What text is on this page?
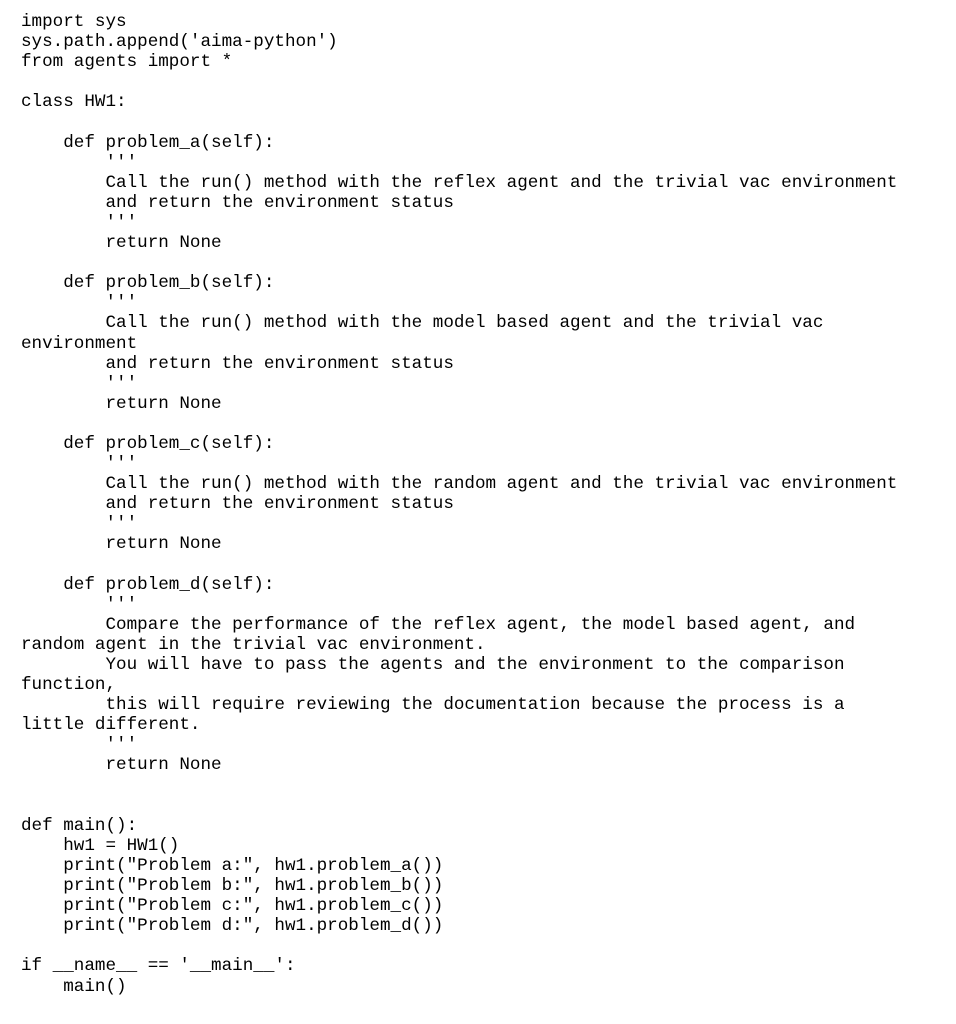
import sys
sys.path.append('aima-python')
from agents import *
class HW1:
def problem_a(self):
'''
Call the run() method with the reflex agent and the trivial vac environment
and return the environment status
'''
return None
def problem_b(self):
'''
Call the run() method with the model based agent and the trivial vac
environment
and return the environment status
'''
return None
def problem_c(self):
'''
Call the run() method with the random agent and the trivial vac environment
and return the environment status
'''
return None
def problem_d(self):
'''
Compare the performance of the reflex agent, the model based agent, and
random agent in the trivial vac environment.
You will have to pass the agents and the environment to the comparison
function,
this will require reviewing the documentation because the process is a
little different.
'''
return None
def main():
hw1 = HW1()
print("Problem a:", hw1.problem_a())
print("Problem b:", hw1.problem_b())
print("Problem c:", hw1.problem_c())
print("Problem d:", hw1.problem_d())
if __name__ == '__main__':
main()
